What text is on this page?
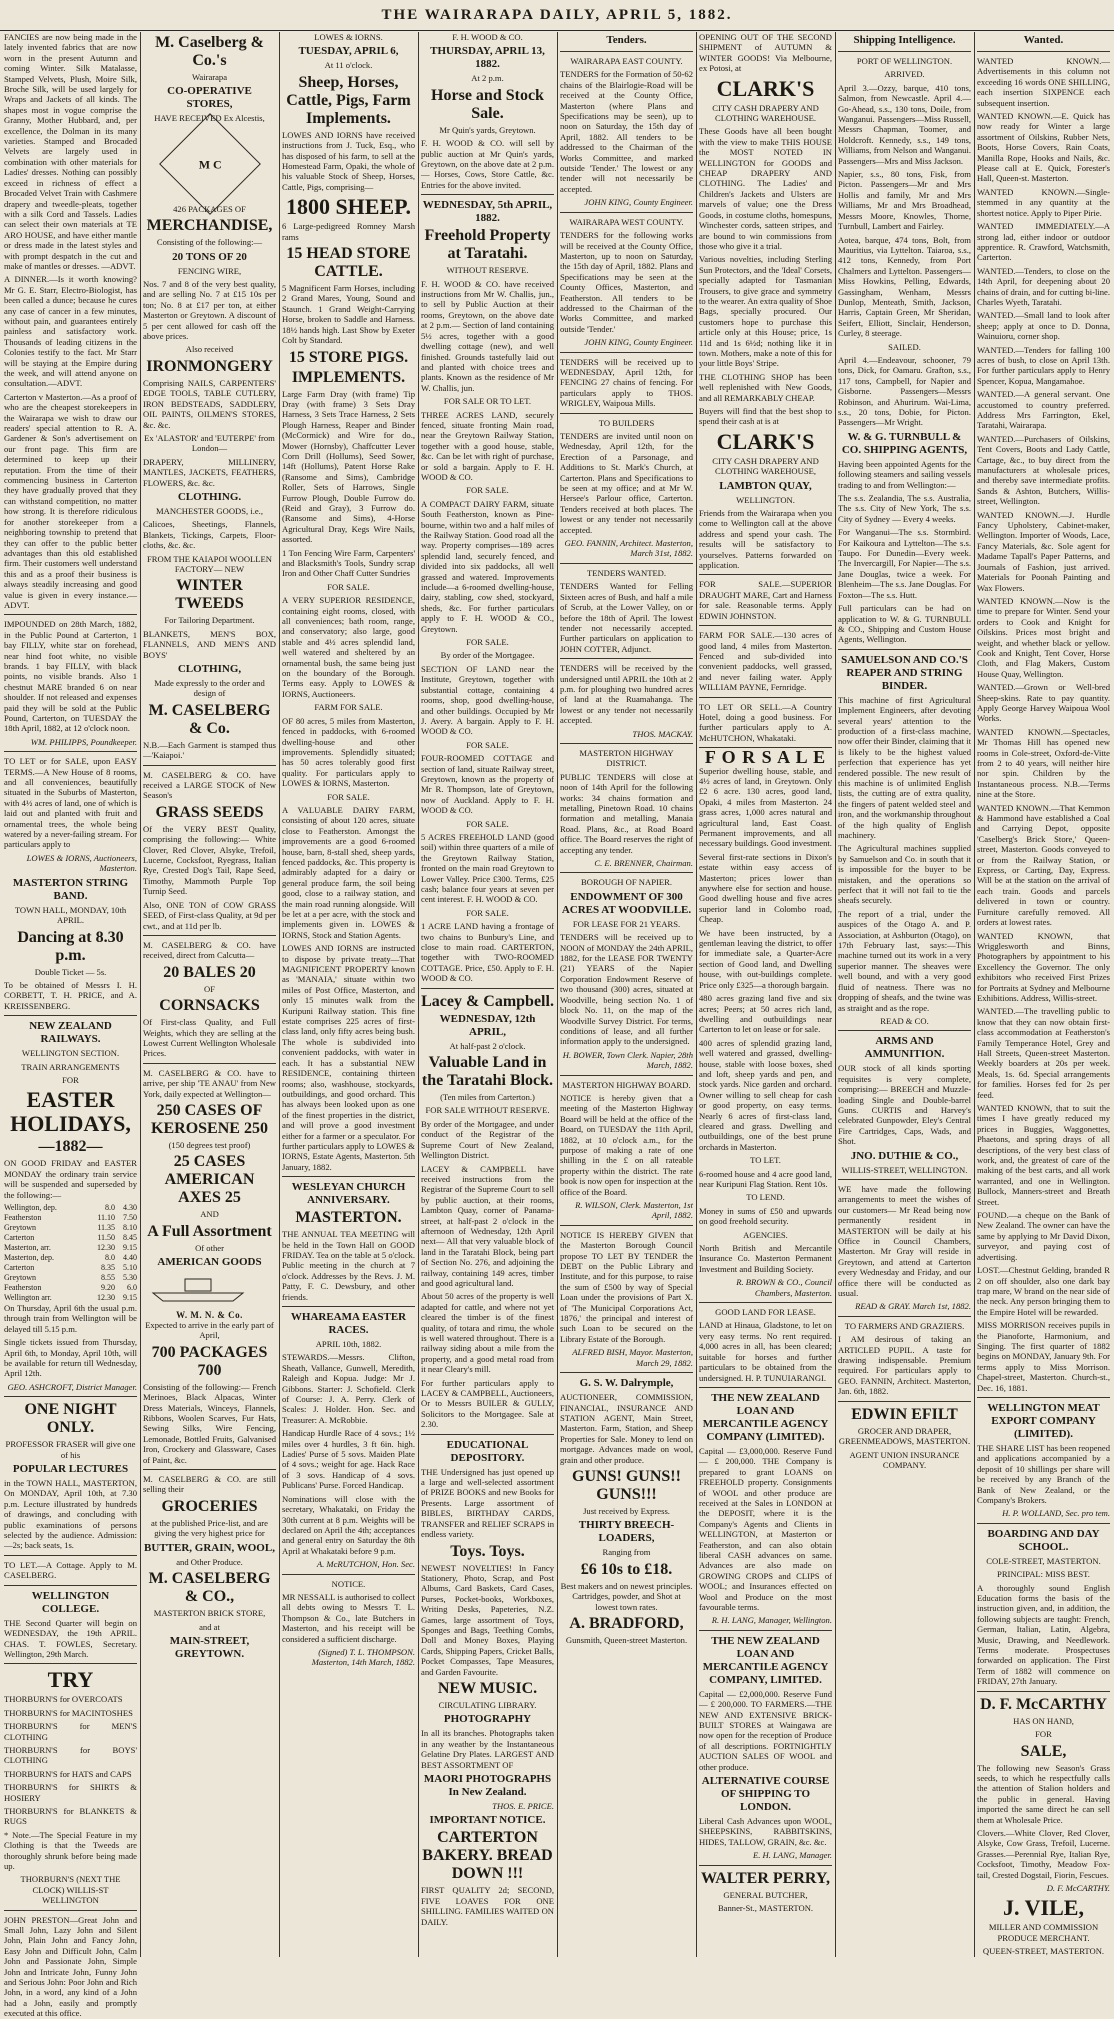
THE WAIRARAPA DAILY, APRIL 5, 1882.
FANCIES are now being made in the lately invented fabrics that are now worn in the present Autumn and coming Winter. Silk Matalasse, Stamped Velvets, Plush, Moire Silk, Broche Silk, will be used largely for Wraps and Jackets of all kinds. The shapes most in vogue comprise the Granny, Mother Hubbard, and, per excellence, the Dolman in its many varieties. Stamped and Brocaded Velvets are largely used in combination with other materials for Ladies' dresses. Nothing can possibly exceed in richness of effect a Brocaded Velvet Train with Cashmere drapery and tweedle-pleats, together with a silk Cord and Tassels. Ladies can select their own materials at TE ARO HOUSE, and have either mantle or dress made in the latest styles and with prompt despatch in the cut and make of mantles or dresses. —ADVT.
A DINNER.—Is it worth knowing? Mr G. E. Starr, Electro-Biologist, has been called a dunce; because he cures any case of cancer in a few minutes, without pain, and guarantees entirely painless and satisfactory work. Thousands of leading citizens in the Colonies testify to the fact. Mr Starr will be staying at the Empire during the week, and will attend anyone on consultation.—ADVT.
Carterton v Masterton.—As a proof of who are the cheapest storekeepers in the Wairarapa we wish to draw our readers' special attention to R. A. Gardener & Son's advertisement on our front page. This firm are determined to keep up their reputation. From the time of their commencing business in Carterton they have gradually proved that they can withstand competition, no matter how strong. It is therefore ridiculous for another storekeeper from a neighboring township to pretend that they can offer to the public better advantages than this old established firm. Their customers well understand this and as a proof their business is always steadily increasing and good value is given in every instance.—ADVT.
IMPOUNDED on 28th March, 1882, in the Public Pound at Carterton, 1 bay FILLY, white star on forehead, near hind foot white, no visible brands. 1 bay FILLY, with black points, no visible brands. Also 1 chestnut MARE branded 6 on near shoulder. If not released and expenses paid they will be sold at the Public Pound, Carterton, on TUESDAY the 18th April, 1882, at 12 o'clock noon.
WM. PHILIPPS, Poundkeeper.
TO LET or for SALE, upon EASY TERMS.—A New House of 8 rooms, and all conveniences, beautifully situated in the Suburbs of Masterton, with 4½ acres of land, one of which is laid out and planted with fruit and ornamental trees, the whole being watered by a never-failing stream. For particulars apply to
LOWES & IORNS, Auctioneers, Masterton.
MASTERTON STRING BAND.
TOWN HALL, MONDAY, 10th APRIL.
Dancing at 8.30 p.m.
Double Ticket — 5s.
To be obtained of Messrs I. H. CORBETT, T. H. PRICE, and A. KREISSENBERG.
NEW ZEALAND RAILWAYS.
WELLINGTON SECTION.
TRAIN ARRANGEMENTS
FOR
EASTER HOLIDAYS,
—1882—
ON GOOD FRIDAY and EASTER MONDAY the ordinary train service will be suspended and superseded by the following:—
Wellington, dep.	8.0	4.30
Featherston	11.10	7.50
Greytown	11.35	8.10
Carterton	11.50	8.45
Masterton, arr.	12.30	9.15
Masterton, dep.	8.0	4.40
Carterton	8.35	5.10
Greytown	8.55	5.30
Featherston	9.20	6.0
Wellington arr.	12.30	9.15
On Thursday, April 6th the usual p.m. through train from Wellington will be delayed till 5.15 p.m.
Single tickets issued from Thursday, April 6th, to Monday, April 10th, will be available for return till Wednesday, April 12th.
GEO. ASHCROFT, District Manager.
ONE NIGHT ONLY.
PROFESSOR FRASER will give one of his
POPULAR LECTURES
in the TOWN HALL, MASTERTON, On MONDAY, April 10th, at 7.30 p.m. Lecture illustrated by hundreds of drawings, and concluding with public examinations of persons selected by the audience. Admission:—2s; back seats, 1s.
TO LET.—A Cottage. Apply to M. CASELBERG.
WELLINGTON COLLEGE.
THE Second Quarter will begin on WEDNESDAY, the 19th APRIL. CHAS. T. FOWLES, Secretary. Wellington, 29th March.
TRY
THORBURN'S for OVERCOATS
THORBURN'S for MACINTOSHES
THORBURN'S for MEN'S CLOTHING
THORBURN'S for BOYS' CLOTHING
THORBURN'S for HATS and CAPS
THORBURN'S for SHIRTS & HOSIERY
THORBURN'S for BLANKETS & RUGS
* Note.—The Special Feature in my Clothing is that the Tweeds are thoroughly shrunk before being made up.
THORBURN'S (NEXT THE CLOCK) WILLIS-ST WELLINGTON
JOHN PRESTON—Great John and Small John, Lazy John and Silent John, Plain John and Fancy John, Easy John and Difficult John, Calm John and Passionate John, Simple John and Intricate John, Funny John and Serious John: Poor John and Rich John, in a word, any kind of a John had a John, easily and promptly executed at this office.
M. Caselberg & Co.'s
Wairarapa
CO-OPERATIVE STORES,
HAVE RECEIVED Ex Alcestis,
M C
426 PACKAGES OF
MERCHANDISE,
Consisting of the following:—
20 TONS OF 20
FENCING WIRE,
Nos. 7 and 8 of the very best quality, and are selling No. 7 at £15 10s per ton; No. 8 at £17 per ton, at either Masterton or Greytown. A discount of 5 per cent allowed for cash off the above prices.
Also received
IRONMONGERY
Comprising NAILS, CARPENTERS' EDGE TOOLS, TABLE CUTLERY, IRON BEDSTEADS, SADDLERY, OIL PAINTS, OILMEN'S STORES, &c. &c.
Ex 'ALASTOR' and 'EUTERPE' from London—
DRAPERY, MILLINERY, MANTLES, JACKETS, FEATHERS, FLOWERS, &c. &c.
CLOTHING.
MANCHESTER GOODS, i.e.,
Calicoes, Sheetings, Flannels, Blankets, Tickings, Carpets, Floor-cloths, &c. &c.
FROM THE KAIAPOI WOOLLEN FACTORY— NEW
WINTER TWEEDS
For Tailoring Department.
BLANKETS, MEN'S BOX, FLANNELS, AND MEN'S AND BOYS'
CLOTHING,
Made expressly to the order and design of
M. CASELBERG & Co.
N.B.—Each Garment is stamped thus—'Kaiapoi.'
M. CASELBERG & CO. have received a LARGE STOCK of New Season's
GRASS SEEDS
Of the VERY BEST Quality, comprising the following:— White Clover, Red Clover, Alsyke, Trefoil, Lucerne, Cocksfoot, Ryegrass, Italian Rye, Crested Dog's Tail, Rape Seed, Timothy, Mammoth Purple Top Turnip Seed.
Also, ONE TON of COW GRASS SEED, of First-class Quality, at 9d per cwt., and at 11d per lb.
M. CASELBERG & CO. have received, direct from Calcutta—
20 BALES 20
OF
CORNSACKS
Of First-class Quality, and Full Weights, which they are selling at the Lowest Current Wellington Wholesale Prices.
M. CASELBERG & CO. have to arrive, per ship 'TE ANAU' from New York, daily expected at Wellington—
250 CASES OF KEROSENE 250
(150 degrees test proof)
25 CASES AMERICAN AXES 25
AND
A Full Assortment
Of other
AMERICAN GOODS
W. M. N. & Co.
Expected to arrive in the early part of April,
700 PACKAGES 700
Consisting of the following:— French Merinoes, Black Alpacas, Winter Dress Materials, Winceys, Flannels, Ribbons, Woolen Scarves, Fur Hats, Sewing Silks, Wire Fencing, Lemonade, Bottled Fruits, Galvanised Iron, Crockery and Glassware, Cases of Paint, &c.
M. CASELBERG & CO. are still selling their
GROCERIES
at the published Price-list, and are giving the very highest price for
BUTTER, GRAIN, WOOL,
and Other Produce.
M. CASELBERG & CO.,
MASTERTON BRICK STORE,
and at
MAIN-STREET, GREYTOWN.
LOWES & IORNS.
TUESDAY, APRIL 6,
At 11 o'clock.
Sheep, Horses, Cattle, Pigs, Farm Implements.
LOWES AND IORNS have received instructions from J. Tuck, Esq., who has disposed of his farm, to sell at the Homestead Farm, Opaki, the whole of his valuable Stock of Sheep, Horses, Cattle, Pigs, comprising—
1800 SHEEP.
6 Large-pedigreed Romney Marsh rams
15 HEAD STORE CATTLE.
5 Magnificent Farm Horses, including 2 Grand Mares, Young, Sound and Staunch. 1 Grand Weight-Carrying Horse, broken to Saddle and Harness. 18½ hands high. Last Show by Exeter Colt by Standard.
15 STORE PIGS.
IMPLEMENTS.
Large Farm Dray (with frame) Tip Dray (with frame) 3 Sets Dray Harness, 3 Sets Trace Harness, 2 Sets Plough Harness, Reaper and Binder (McCormick) and Wire for do., Mower (Hornsby), Chaffcutter Lever Corn Drill (Hollums), Seed Sower, 14ft (Hollums), Patent Horse Rake (Ransome and Sims), Cambridge Roller, Sets of Harrows, Single Furrow Plough, Double Furrow do. (Reid and Gray), 3 Furrow do. (Ransome and Sims), 4-Horse Agricultural Dray, Kegs Wire Nails, assorted.
1 Ton Fencing Wire Farm, Carpenters' and Blacksmith's Tools, Sundry scrap Iron and Other Chaff Cutter Sundries
FOR SALE.
A VERY SUPERIOR RESIDENCE, containing eight rooms, closed, with all conveniences; bath room, range, and conservatory; also large, good stable and 4½ acres splendid land, well watered and sheltered by an ornamental bush, the same being just on the boundary of the Borough. Terms easy. Apply to LOWES & IORNS, Auctioneers.
FARM FOR SALE.
OF 80 acres, 5 miles from Masterton, fenced in paddocks, with 6-roomed dwelling-house and other improvements. Splendidly situated; has 50 acres tolerably good first quality. For particulars apply to LOWES & IORNS, Masterton.
FOR SALE.
A VALUABLE DAIRY FARM, consisting of about 120 acres, situate close to Featherston. Amongst the improvements are a good 6-roomed house, barn, 8-stall shed, sheep yards, fenced paddocks, &c. This property is admirably adapted for a dairy or general produce farm, the soil being good, close to a railway station, and the main road running alongside. Will be let at a per acre, with the stock and implements given in. LOWES & IORNS, Stock and Station Agents.
LOWES AND IORNS are instructed to dispose by private treaty—That MAGNIFICENT PROPERTY known as 'MANAIA,' situate within two miles of Post Office, Masterton, and only 15 minutes walk from the Kuripuni Railway station. This fine estate comprises 225 acres of first-class land, only fifty acres being bush. The whole is subdivided into convenient paddocks, with water in each. It has a substantial NEW RESIDENCE, containing thirteen rooms; also, washhouse, stockyards, outbuildings, and good orchard. This has always been looked upon as one of the finest properties in the district, and will prove a good investment either for a farmer or a speculator. For further particulars apply to LOWES & IORNS, Estate Agents, Masterton. 5th January, 1882.
WESLEYAN CHURCH ANNIVERSARY.
MASTERTON.
THE ANNUAL TEA MEETING will be held in the Town Hall on GOOD FRIDAY. Tea on the table at 5 o'clock. Public meeting in the church at 7 o'clock. Addresses by the Revs. J. M. Patty, F. C. Dewsbury, and other friends.
WHAREAMA EASTER RACES.
APRIL 10th, 1882.
STEWARDS.—Messrs. Clifton, Sheath, Vallance, Gunwell, Meredith, Raleigh and Kopua. Judge: Mr J. Gibbons. Starter: J. Schofield. Clerk of Course: J. A. Perry. Clerk of Scales: J. Holder. Hon. Sec. and Treasurer: A. McRobbie.
Handicap Hurdle Race of 4 sovs.; 1½ miles over 4 hurdles, 3 ft 6in. high. Ladies' Purse of 5 sovs. Maiden Plate of 4 sovs.; weight for age. Hack Race of 3 sovs. Handicap of 4 sovs. Publicans' Purse. Forced Handicap.
Nominations will close with the secretary, Whakataki, on Friday the 30th current at 8 p.m. Weights will be declared on April the 4th; acceptances and general entry on Saturday the 8th April at Whakataki before 9 p.m.
A. McRUTCHON, Hon. Sec.
NOTICE.
MR NESSALL is authorised to collect all debts owing to Messrs T. L. Thompson & Co., late Butchers in Masterton, and his receipt will be considered a sufficient discharge.
(Signed) T. L. THOMPSON. Masterton, 14th March, 1882.
F. H. WOOD & CO.
THURSDAY, APRIL 13, 1882.
At 2 p.m.
Horse and Stock Sale.
Mr Quin's yards, Greytown.
F. H. WOOD & CO. will sell by public auction at Mr Quin's yards, Greytown, on the above date at 2 p.m.— Horses, Cows, Store Cattle, &c. Entries for the above invited.
WEDNESDAY, 5th APRIL, 1882.
Freehold Property at Taratahi.
WITHOUT RESERVE.
F. H. WOOD & CO. have received instructions from Mr W. Challis, jun., to sell by Public Auction at their rooms, Greytown, on the above date at 2 p.m.— Section of land containing 5½ acres, together with a good dwelling cottage (new), and well finished. Grounds tastefully laid out and planted with choice trees and plants. Known as the residence of Mr W. Challis, jun.
FOR SALE OR TO LET.
THREE ACRES LAND, securely fenced, situate fronting Main road, near the Greytown Railway Station, together with a good house, stable, &c. Can be let with right of purchase, or sold a bargain. Apply to F. H. WOOD & CO.
FOR SALE.
A COMPACT DAIRY FARM, situate South Featherston, known as Pine-bourne, within two and a half miles of the Railway Station. Good road all the way. Property comprises—189 acres splendid land, securely fenced, and divided into six paddocks, all well grassed and watered. Improvements include—a 6-roomed dwelling-house, dairy, stabling, cow shed, stockyard, sheds, &c. For further particulars apply to F. H. WOOD & CO., Greytown.
FOR SALE.
By order of the Mortgagee.
SECTION OF LAND near the Institute, Greytown, together with substantial cottage, containing 4 rooms, shop, good dwelling-house, and other buildings. Occupied by Mr J. Avery. A bargain. Apply to F. H. WOOD & CO.
FOR SALE.
FOUR-ROOMED COTTAGE and section of land, situate Railway street, Greytown, known as the property of Mr R. Thompson, late of Greytown, now of Auckland. Apply to F. H. WOOD & CO.
FOR SALE.
5 ACRES FREEHOLD LAND (good soil) within three quarters of a mile of the Greytown Railway Station, fronted on the main road Greytown to Lower Valley. Price £300. Terms, £25 cash; balance four years at seven per cent interest. F. H. WOOD & CO.
FOR SALE.
1 ACRE LAND having a frontage of two chains to Bunbury's Line, and close to main road. CARTERTON, together with TWO-ROOMED COTTAGE. Price, £50. Apply to F. H. WOOD & CO.
Lacey & Campbell.
WEDNESDAY, 12th APRIL,
At half-past 2 o'clock.
Valuable Land in the Taratahi Block.
(Ten miles from Carterton.)
FOR SALE WITHOUT RESERVE.
By order of the Mortgagee, and under conduct of the Registrar of the Supreme Court of New Zealand, Wellington District.
LACEY & CAMPBELL have received instructions from the Registrar of the Supreme Court to sell by public auction, at their rooms, Lambton Quay, corner of Panama-street, at half-past 2 o'clock in the afternoon of Wednesday, 12th April next— All that very valuable block of land in the Taratahi Block, being part of Section No. 276, and adjoining the railway, containing 149 acres, timber and good agricultural land.
About 50 acres of the property is well adapted for cattle, and where not yet cleared the timber is of the finest quality, of totara and rimu, the whole is well watered throughout. There is a railway siding about a mile from the property, and a good metal road from it near Cleary's mill.
For further particulars apply to LACEY & CAMPBELL, Auctioneers, Or to Messrs BUILER & GULLY, Solicitors to the Mortgagee. Sale at 2.30.
EDUCATIONAL DEPOSITORY.
THE Undersigned has just opened up a large and well-selected assortment of PRIZE BOOKS and new Books for Presents. Large assortment of BIBLES, BIRTHDAY CARDS, TRANSFER and RELIEF SCRAPS in endless variety.
Toys. Toys.
NEWEST NOVELTIES! In Fancy Stationery, Photo, Scrap, and Post Albums, Card Baskets, Card Cases, Purses, Pocket-books, Workboxes, Writing Desks, Papeteries, N.Z. Games, large assortment of Toys, Sponges and Bags, Teething Combs, Doll and Money Boxes, Playing Cards, Shipping Papers, Cricket Balls, Pocket Compasses, Tape Measures, and Garden Favourite.
NEW MUSIC.
CIRCULATING LIBRARY.
PHOTOGRAPHY
In all its branches. Photographs taken in any weather by the Instantaneous Gelatine Dry Plates. LARGEST AND BEST ASSORTMENT OF
MAORI PHOTOGRAPHS In New Zealand.
THOS. E. PRICE.
IMPORTANT NOTICE.
CARTERTON BAKERY. BREAD DOWN !!!
FIRST QUALITY 2d; SECOND, FIVE LOAVES FOR ONE SHILLING. FAMILIES WAITED ON DAILY.
Tenders.
WAIRARAPA EAST COUNTY.
TENDERS for the Formation of 50-62 chains of the Blairlogie-Road will be received at the County Office, Masterton (where Plans and Specifications may be seen), up to noon on Saturday, the 15th day of April, 1882. All tenders to be addressed to the Chairman of the Works Committee, and marked outside 'Tender.' The lowest or any tender will not necessarily be accepted.
JOHN KING, County Engineer.
WAIRARAPA WEST COUNTY.
TENDERS for the following works will be received at the County Office, Masterton, up to noon on Saturday, the 15th day of April, 1882. Plans and Specifications may be seen at the County Offices, Masterton, and Featherston. All tenders to be addressed to the Chairman of the Works Committee, and marked outside 'Tender.'
JOHN KING, County Engineer.
TENDERS will be received up to WEDNESDAY, April 12th, for FENCING 27 chains of fencing. For particulars apply to THOS. WRIGLEY, Waipoua Mills.
TO BUILDERS
TENDERS are invited until noon on Wednesday, April 12th, for the Erection of a Parsonage, and Additions to St. Mark's Church, at Carterton. Plans and Specifications to be seen at my office; and at Mr W. Hersee's Parlour office, Carterton. Tenders received at both places. The lowest or any tender not necessarily accepted.
GEO. FANNIN, Architect. Masterton, March 31st, 1882.
TENDERS WANTED.
TENDERS Wanted for Felling Sixteen acres of Bush, and half a mile of Scrub, at the Lower Valley, on or before the 18th of April. The lowest tender not necessarily accepted. Further particulars on application to JOHN COTTER, Adjunct.
TENDERS will be received by the undersigned until APRIL the 10th at 2 p.m. for ploughing two hundred acres of land at the Ruamahanga. The lowest or any tender not necessarily accepted.
THOS. MACKAY.
MASTERTON HIGHWAY DISTRICT.
PUBLIC TENDERS will close at noon of 14th April for the following works: 34 chains formation and metalling, Pinetown Road. 10 chains formation and metalling, Manaia Road. Plans, &c., at Road Board office. The Board reserves the right of accepting any tender.
C. E. BRENNER, Chairman.
BOROUGH OF NAPIER.
ENDOWMENT OF 300 ACRES AT WOODVILLE.
FOR LEASE FOR 21 YEARS.
TENDERS will be received up to NOON of MONDAY the 24th APRIL, 1882, for the LEASE FOR TWENTY (21) YEARS of the Napier Corporation Endowment Reserve of two thousand (300) acres, situated at Woodville, being section No. 1 of block No. 11, on the map of the Woodville Survey District. For terms, conditions of lease, and all further information apply to the undersigned.
H. BOWER, Town Clerk. Napier, 28th March, 1882.
MASTERTON HIGHWAY BOARD.
NOTICE is hereby given that a meeting of the Masterton Highway Board will be held at the office of the Board, on TUESDAY the 11th April, 1882, at 10 o'clock a.m., for the purpose of making a rate of one shilling in the £ on all rateable property within the district. The rate book is now open for inspection at the office of the Board.
R. WILSON, Clerk. Masterton, 1st April, 1882.
NOTICE IS HEREBY GIVEN that the Masterton Borough Council propose TO LET BY TENDER the DEBT on the Public Library and Institute, and for this purpose, to raise the sum of £500 by way of Special Loan under the provisions of Part X. of 'The Municipal Corporations Act, 1876,' the principal and interest of such Loan to be secured on the Library Estate of the Borough.
ALFRED BISH, Mayor. Masterton, March 29, 1882.
G. S. W. Dalrymple,
AUCTIONEER, COMMISSION, FINANCIAL, INSURANCE AND STATION AGENT, Main Street, Masterton. Farm, Station, and Sheep Properties for Sale. Money to lend on mortgage. Advances made on wool, grain and other produce.
GUNS! GUNS!! GUNS!!!
Just received by Express.
THIRTY BREECH-LOADERS,
Ranging from
£6 10s to £18.
Best makers and on newest principles. Cartridges, powder, and Shot at lowest town rates.
A. BRADFORD,
Gunsmith, Queen-street Masterton.
OPENING OUT OF THE SECOND SHIPMENT of AUTUMN & WINTER GOODS! Via Melbourne, ex Potosi, at
CLARK'S
CITY CASH DRAPERY AND CLOTHING WAREHOUSE.
These Goods have all been bought with the view to make THIS HOUSE the MOST NOTED IN WELLINGTON for GOODS and CHEAP DRAPERY AND CLOTHING. The Ladies' and Children's Jackets and Ulsters are marvels of value; one the Dress Goods, in costume cloths, homespuns, Winchester cords, satteen stripes, and are bound to win commissions from those who give it a trial.
Various novelties, including Sterling Sun Protectors, and the 'Ideal' Corsets, specially adapted for Tasmanian Trousers, to give grace and symmetry to the wearer. An extra quality of Shoe Bags, specially procured. Our customers hope to purchase this article only at this House; price, 1s 11d and 1s 6½d; nothing like it in town. Mothers, make a note of this for your little Boys' Stripe.
THE CLOTHING SHOP has been well replenished with New Goods, and all REMARKABLY CHEAP.
Buyers will find that the best shop to spend their cash at is at
CLARK'S
CITY CASH DRAPERY AND CLOTHING WAREHOUSE,
LAMBTON QUAY,
WELLINGTON.
Friends from the Wairarapa when you come to Wellington call at the above address and spend your cash. The results will be satisfactory to yourselves. Patterns forwarded on application.
FOR SALE.—SUPERIOR DRAUGHT MARE, Cart and Harness for sale. Reasonable terms. Apply EDWIN JOHNSTON.
FARM FOR SALE.—130 acres of good land, 4 miles from Masterton. Fenced and sub-divided into convenient paddocks, well grassed, and never failing water. Apply WILLIAM PAYNE, Fernridge.
TO LET OR SELL.—A Country Hotel, doing a good business. For further particulars apply to A. McHUTCHON, Whakataki.
F O R S A L E
Superior dwelling house, stable, and 4½ acres of land, in Greytown. Only £2 6 acre. 130 acres, good land, Opaki, 4 miles from Masterton. 24 grass acres, 1,000 acres natural and agricultural land, East Coast. Permanent improvements, and all necessary buildings. Good investment.
Several first-rate sections in Dixon's estate within easy access of Masterton; prices lower than anywhere else for section and house. Good dwelling house and five acres superior land in Colombo road, Cheap.
We have been instructed, by a gentleman leaving the district, to offer for immediate sale, a Quarter-Acre section of Good land, and Dwelling house, with out-buildings complete. Price only £325—a thorough bargain.
480 acres grazing land five and six acres; Peers; at 50 acres rich land, dwelling and outbuildings near Carterton to let on lease or for sale.
400 acres of splendid grazing land, well watered and grassed, dwelling-house, stable with loose boxes, shed and loft, sheep yards and pen, and stock yards. Nice garden and orchard. Owner willing to sell cheap for cash or good property, on easy terms. Nearly 6 acres of first-class land, cleared and grass. Dwelling and outbuildings, one of the best prune orchards in Masterton.
TO LET.
6-roomed house and 4 acre good land, near Kuripuni Flag Station. Rent 10s.
TO LEND.
Money in sums of £50 and upwards on good freehold security.
AGENCIES.
North British and Mercantile Insurance Co. Masterton Permanent Investment and Building Society.
R. BROWN & CO., Council Chambers, Masterton.
GOOD LAND FOR LEASE.
LAND at Hinaua, Gladstone, to let on very easy terms. No rent required. 4,000 acres in all, has been cleared; suitable for horses and further particulars to be obtained from the undersigned. H. P. TUNUIARANGI.
THE NEW ZEALAND LOAN AND MERCANTILE AGENCY COMPANY (LIMITED).
Capital — £3,000,000. Reserve Fund — £ 200,000. THE Company is prepared to grant LOANS on FREEHOLD property. Consignments of WOOL and other produce are received at the Sales in LONDON at the DEPOSIT, where it is the Company's Agents and Clients in WELLINGTON, at Masterton or Featherston, and can also obtain liberal CASH advances on same. Advances are also made on GROWING CROPS and CLIPS of WOOL; and Insurances effected on Wool and Produce on the most favourable terms.
R. H. LANG, Manager, Wellington.
THE NEW ZEALAND LOAN AND MERCANTILE AGENCY COMPANY, LIMITED.
Capital — £2,000,000. Reserve Fund — £ 200,000. TO FARMERS.—THE NEW AND EXTENSIVE BRICK-BUILT STORES at Waingawa are now open for the reception of Produce of all descriptions. FORTNIGHTLY AUCTION SALES OF WOOL and other produce.
ALTERNATIVE COURSE OF SHIPPING TO LONDON.
Liberal Cash Advances upon WOOL, SHEEPSKINS, RABBITSKINS, HIDES, TALLOW, GRAIN, &c. &c.
E. H. LANG, Manager.
WALTER PERRY,
GENERAL BUTCHER,
Banner-St., MASTERTON.
Shipping Intelligence.
PORT OF WELLINGTON.
ARRIVED.
April 3.—Ozzy, barque, 410 tons, Salmon, from Newcastle. April 4.—Go-Ahead, s.s., 130 tons, Doile, from Wanganui. Passengers—Miss Russell, Messrs Chapman, Toomer, and Holdcroft. Kennedy, s.s., 149 tons, Williams, from Nelson and Wanganui. Passengers—Mrs and Miss Jackson.
Napier, s.s., 80 tons, Fisk, from Picton. Passengers—Mr and Mrs Hollis and family, Mr and Mrs Williams, Mr and Mrs Broadhead, Messrs Moore, Knowles, Thorne, Turnbull, Lambert and Fairley.
Aotea, barque, 474 tons, Bolt, from Mauritius, via Lyttelton. Taiaroa, s.s., 412 tons, Kennedy, from Port Chalmers and Lyttelton. Passengers—Miss Howkins, Pelling, Edwards, Gassingham, Wenham, Messrs Dunlop, Menteath, Smith, Jackson, Harris, Captain Green, Mr Sheridan, Seifert, Elliott, Sinclair, Henderson, Curley, 8 steerage.
SAILED.
April 4.—Endeavour, schooner, 79 tons, Dick, for Oamaru. Grafton, s.s., 117 tons, Campbell, for Napier and Gisborne. Passengers—Messrs Robinson, and Ahurirum. Wai-Lima, s.s., 20 tons, Dobie, for Picton. Passengers—Mr Wright.
W. & G. TURNBULL & CO. SHIPPING AGENTS,
Having been appointed Agents for the following steamers and sailing vessels trading to and from Wellington:—
The s.s. Zealandia, The s.s. Australia, The s.s. City of New York, The s.s. City of Sydney — Every 4 weeks.
For Wanganui—The s.s. Stormbird. For Kaikoura and Lyttelton—The s.s. Taupo. For Dunedin—Every week. The Invercargill, For Napier—The s.s. Jane Douglas, twice a week. For Blenheim—The s.s. Jane Douglas. For Foxton—The s.s. Hutt.
Full particulars can be had on application to W. & G. TURNBULL & CO., Shipping and Custom House Agents, Wellington.
SAMUELSON AND CO.'S REAPER AND STRING BINDER.
This machine of first Agricultural Implement Engineers, after devoting several years' attention to the production of a first-class machine, now offer their Binder, claiming that it is likely to be the highest valued perfection that experience has yet rendered possible. The new result of this machine is of unlimited English lists, the cutting are of extra quality, the fingers of patent welded steel and iron, and the workmanship throughout of the high quality of English machinery.
The Agricultural machines supplied by Samuelson and Co. in south that it is impossible for the buyer to be mistaken, and the operations so perfect that it will not fail to tie the sheafs securely.
The report of a trial, under the auspices of the Otago A. and P. Association, at Ashburton (Otago), on 17th February last, says:—This machine turned out its work in a very superior manner. The sheaves were well bound, and with a very good fluid of neatness. There was no dropping of sheafs, and the twine was as straight and as the rope.
READ & CO.
ARMS AND AMMUNITION.
OUR stock of all kinds sporting requisites is very complete, comprising:— BREECH and Muzzle-loading Single and Double-barrel Guns. CURTIS and Harvey's celebrated Gunpowder, Eley's Central Fire Cartridges, Caps, Wads, and Shot.
JNO. DUTHIE & CO.,
WILLIS-STREET, WELLINGTON.
WE have made the following arrangements to meet the wishes of our customers— Mr Read being now permanently resident in MASTERTON will be daily at his Office in Council Chambers, Masterton. Mr Gray will reside in Greytown, and attend at Carterton every Wednesday and Friday, and our office there will be conducted as usual.
READ & GRAY. March 1st, 1882.
TO FARMERS AND GRAZIERS.
I AM desirous of taking an ARTICLED PUPIL. A taste for drawing indispensable. Premium required. For particulars apply to GEO. FANNIN, Architect. Masterton, Jan. 6th, 1882.
EDWIN EFILT
GROCER AND DRAPER, GREENMEADOWS, MASTERTON.
AGENT UNION INSURANCE COMPANY.
Wanted.
WANTED KNOWN.—Advertisements in this column not exceeding 16 words ONE SHILLING, each insertion SIXPENCE each subsequent insertion.
WANTED KNOWN.—E. Quick has now ready for Winter a large assortment of Oilskins, Rubber Nets, Boots, Horse Covers, Rain Coats, Manilla Rope, Hooks and Nails, &c. Please call at E. Quick, Forester's Hall, Queen-st. Masterton.
WANTED KNOWN.—Single-stemmed in any quantity at the shortest notice. Apply to Piper Pirie.
WANTED IMMEDIATELY.—A strong lad, either indoor or outdoor apprentice. R. Crawford, Watchsmith, Carterton.
WANTED.—Tenders, to close on the 14th April, for deepening about 20 chains of drain, and for cutting bi-line. Charles Wyeth, Taratahi.
WANTED.—Small land to look after sheep; apply at once to D. Donna, Wainuioru, corner shop.
WANTED.—Tenders for falling 100 acres of bush, to close on April 13th. For further particulars apply to Henry Spencer, Kopua, Mangamahoe.
WANTED.—A general servant. One accustomed to country preferred. Address Mrs Farrington, Ekel, Taratahi, Wairarapa.
WANTED.—Purchasers of Oilskins, Tent Covers, Boots and Lady Cattle, Cartage, &c., to buy direct from the manufacturers at wholesale prices, and thereby save intermediate profits. Sands & Ashton, Butchers, Willis-street, Wellington.
WANTED KNOWN.—J. Hurdle Fancy Upholstery, Cabinet-maker, Wellington. Importer of Woods, Lace, Fancy Materials, &c. Sole agent for Madame Tapall's Paper Patterns, and Journals of Fashion, just arrived. Materials for Poonah Painting and Wax Flowers.
WANTED KNOWN.—Now is the time to prepare for Winter. Send your orders to Cook and Knight for Oilskins. Prices most bright and weight, and whether black or yellow. Cook and Knight, Tent Cover, Horse Cloth, and Flag Makers, Custom House Quay, Wellington.
WANTED.—Grown or Well-bred Sheep-skins. Rate to pay quantity. Apply George Harvey Waipoua Wool Works.
WANTED KNOWN.—Spectacles, Mr Thomas Hill has opened new rooms in Cole-street, Oxford-de-Vitte from 2 to 40 years, will neither hire nor spin. Children by the Instantaneous process. N.B.—Terms nine at the Store.
WANTED KNOWN.—That Kemmon & Hammond have established a Coal and Carrying Depot, opposite 'Caselberg's Brick Store,' Queen-street, Masterton. Goods conveyed to or from the Railway Station, or Express, or Carting, Day, Express. Will be at the station on the arrival of each train. Goods and parcels delivered in town or country. Furniture carefully removed. All orders at lowest rates.
WANTED KNOWN, that Wrigglesworth and Binns, Photographers by appointment to his Excellency the Governor. The only exhibitors who received First Prizes for Portraits at Sydney and Melbourne Exhibitions. Address, Willis-street.
WANTED.—The travelling public to know that they can now obtain first-class accommodation at Featherston's Family Temperance Hotel, Grey and Hall Streets, Queen-street Masterton. Weekly boarders at 20s per week. Meals, 1s. 6d. Special arrangements for families. Horses fed for 2s per feed.
WANTED KNOWN, that to suit the times I have greatly reduced my prices in Buggies, Waggonettes, Phaetons, and spring drays of all descriptions, of the very best class of work, and, the greatest of care of the making of the best carts, and all work warranted, and one in Wellington. Bullock, Manners-street and Breath Street.
FOUND.—a cheque on the Bank of New Zealand. The owner can have the same by applying to Mr David Dixon, surveyor, and paying cost of advertising.
LOST.—Chestnut Gelding, branded R 2 on off shoulder, also one dark bay trap mare, W brand on the near side of the neck. Any person bringing them to the Empire Hotel will be rewarded.
MISS MORRISON receives pupils in the Pianoforte, Harmonium, and Singing. The first quarter of 1882 begins on MONDAY, January 9th. For terms apply to Miss Morrison. Chapel-street, Masterton. Church-st., Dec. 16, 1881.
WELLINGTON MEAT EXPORT COMPANY (LIMITED).
THE SHARE LIST has been reopened and applications accompanied by a deposit of 10 shillings per share will be received by any Branch of the Bank of New Zealand, or the Company's Brokers.
H. P. WOLLAND, Sec. pro tem.
BOARDING AND DAY SCHOOL.
COLE-STREET, MASTERTON.
PRINCIPAL: MISS BEST.
A thoroughly sound English Education forms the basis of the instruction given, and, in addition, the following subjects are taught: French, German, Italian, Latin, Algebra, Music, Drawing, and Needlework. Terms moderate. Prospectuses forwarded on application. The First Term of 1882 will commence on FRIDAY, 27th January.
D. F. McCARTHY
HAS ON HAND,
FOR
SALE,
The following new Season's Grass seeds, to which he respectfully calls the attention of Stalion holders and the public in general. Having imported the same direct he can sell them at Wholesale Price.
Clovers.—White Clover, Red Clover, Alsyke, Cow Grass, Trefoil, Lucerne. Grasses.—Perennial Rye, Italian Rye, Cocksfoot, Timothy, Meadow Fox-tail, Crested Dogstail, Fiorin, Fescues.
D. F. McCARTHY.
J. VILE,
MILLER AND COMMISSION PRODUCE MERCHANT.
QUEEN-STREET, MASTERTON.
